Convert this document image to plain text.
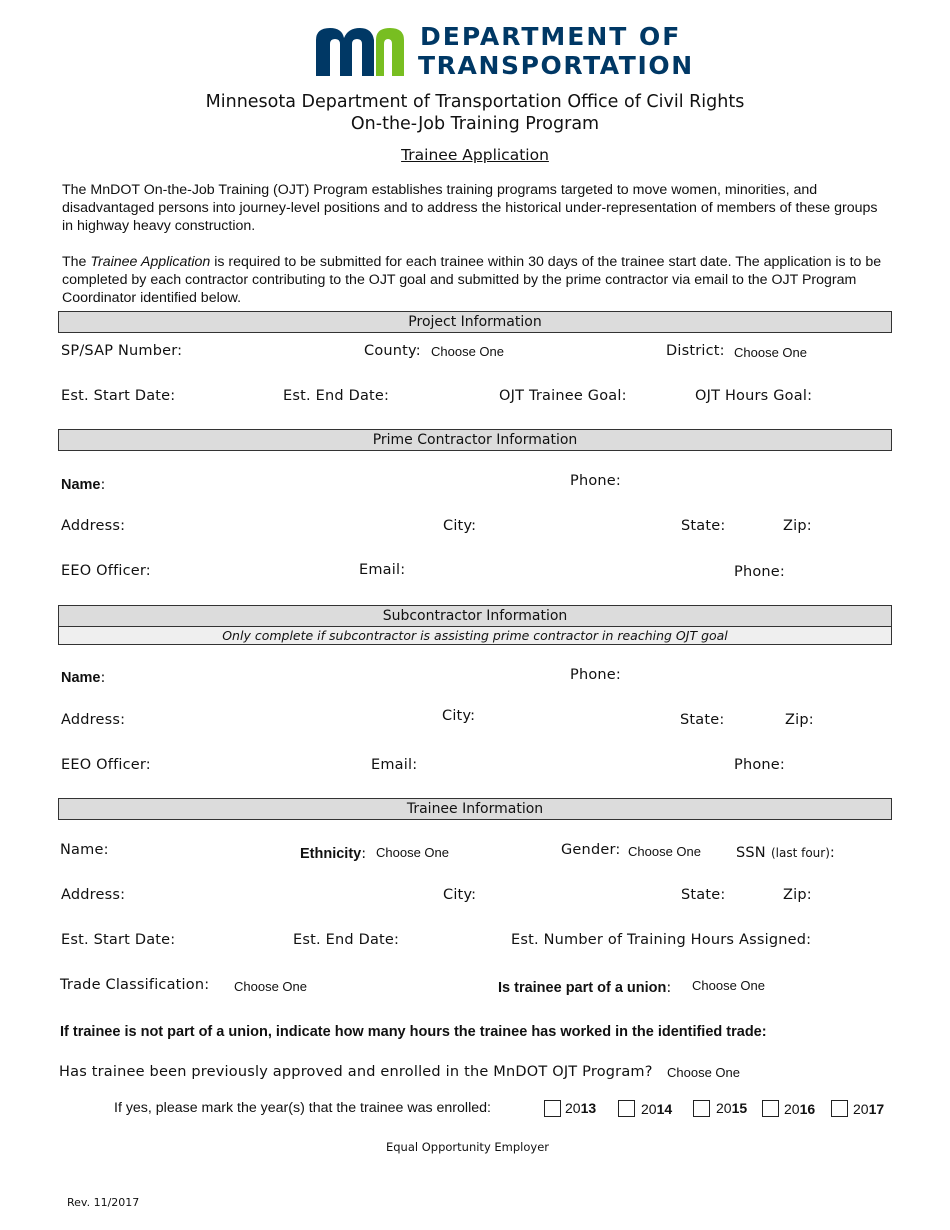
DEPARTMENT OF
TRANSPORTATION
Minnesota Department of Transportation Office of Civil Rights
On-the-Job Training Program
Trainee Application
The MnDOT On-the-Job Training (OJT) Program establishes training programs targeted to move women, minorities, and disadvantaged persons into journey-level positions and to address the historical under-representation of members of these groups in highway heavy construction.
The Trainee Application is required to be submitted for each trainee within 30 days of the trainee start date. The application is to be completed by each contractor contributing to the OJT goal and submitted by the prime contractor via email to the OJT Program Coordinator identified below.
Project Information
SP/SAP Number:	County: Choose One	District: Choose One
Est. Start Date:	Est. End Date:	OJT Trainee Goal:	OJT Hours Goal:
Prime Contractor Information
Name:	Phone:
Address:	City:	State:	Zip:
EEO Officer:	Email:	Phone:
Subcontractor Information
Only complete if subcontractor is assisting prime contractor in reaching OJT goal
Name:	Phone:
Address:	City:	State:	Zip:
EEO Officer:	Email:	Phone:
Trainee Information
Name:	Ethnicity: Choose One	Gender: Choose One SSN (last four):
Address:	City:	State:	Zip:
Est. Start Date:	Est. End Date:	Est. Number of Training Hours Assigned:
Trade Classification: Choose One	Is trainee part of a union: Choose One
If trainee is not part of a union, indicate how many hours the trainee has worked in the identified trade:
Has trainee been previously approved and enrolled in the MnDOT OJT Program? Choose One
If yes, please mark the year(s) that the trainee was enrolled:	2013	2014	2015	2016	2017
Equal Opportunity Employer
Rev. 11/2017
